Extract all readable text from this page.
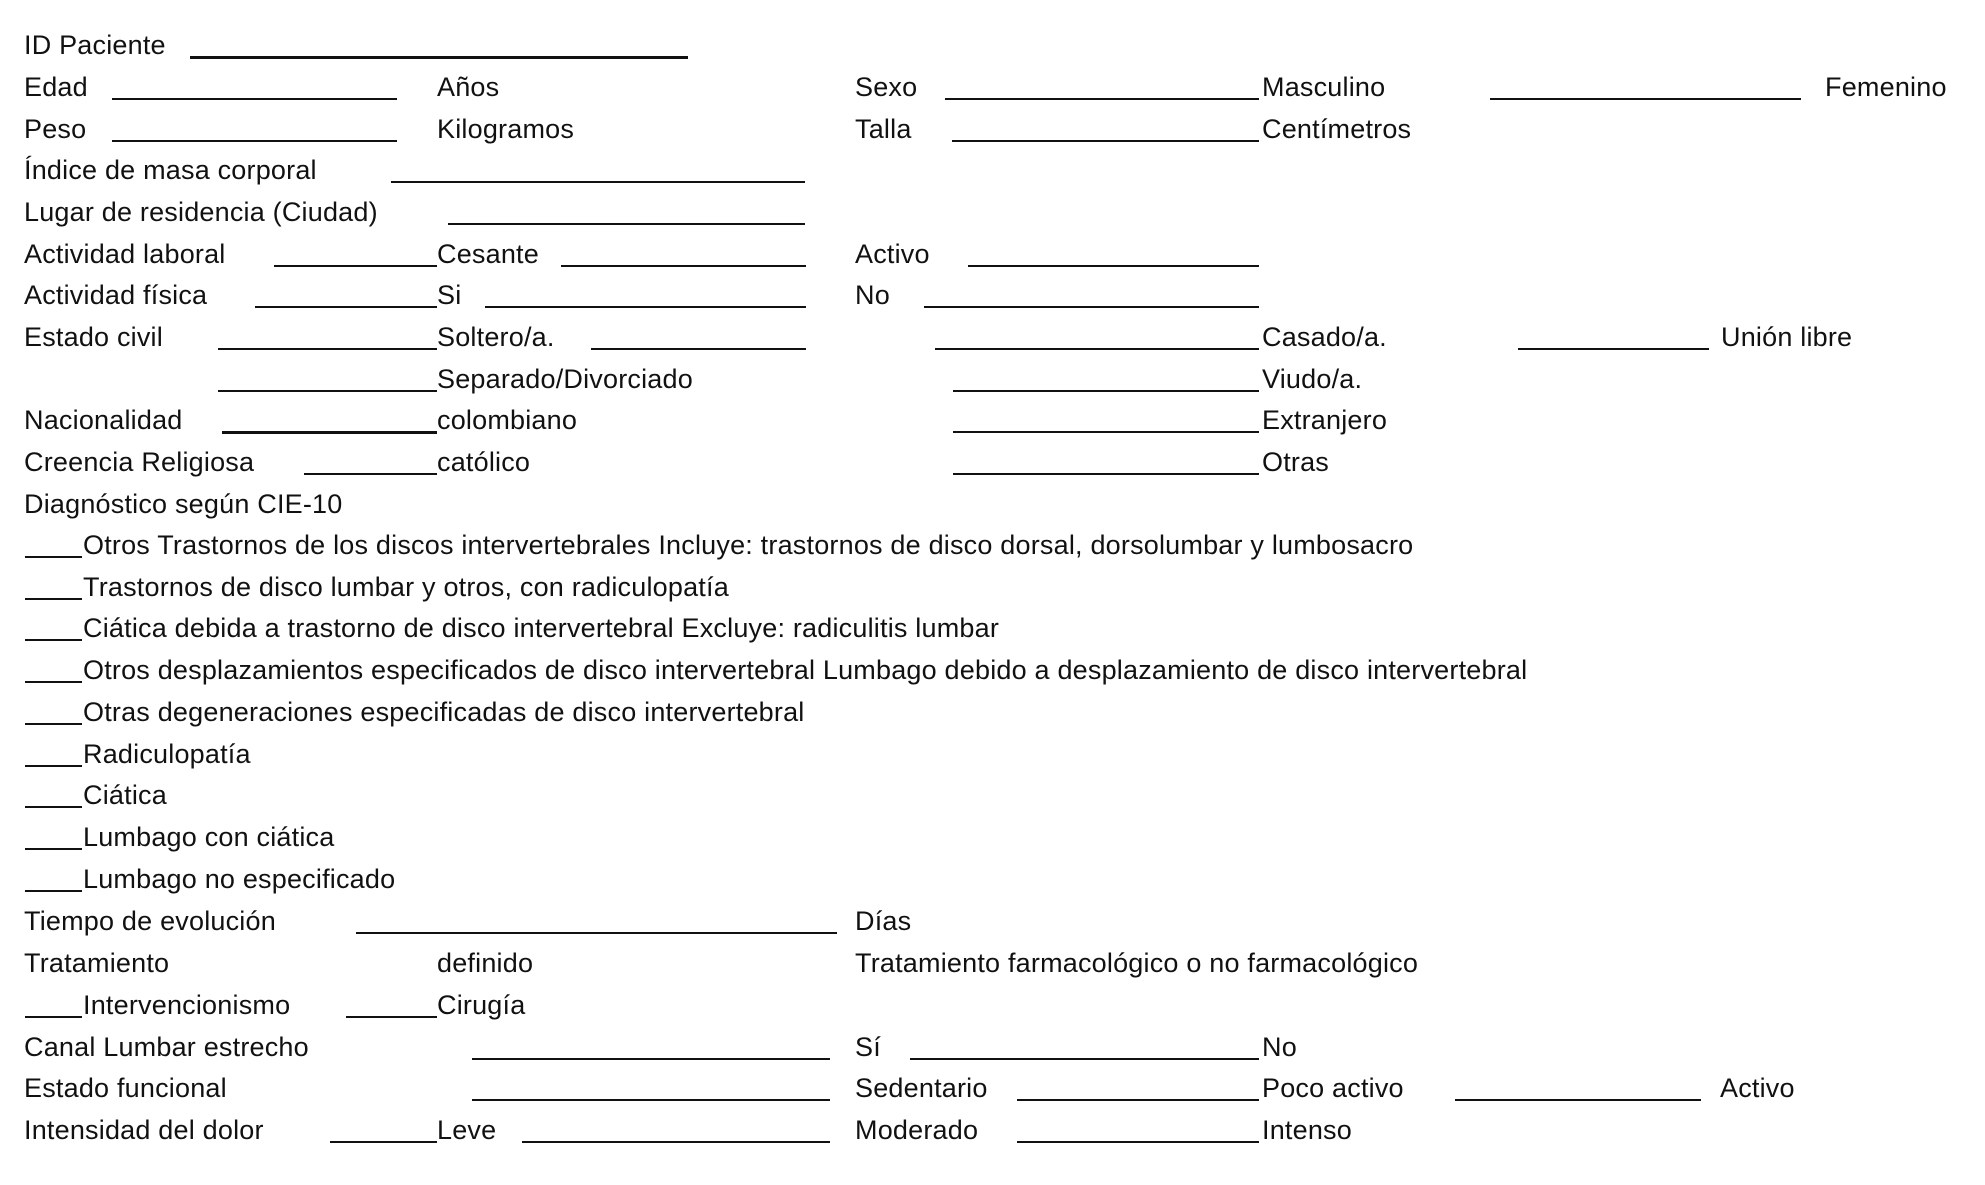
ID Paciente
Edad	Años	Sexo	Masculino	Femenino
Peso	Kilogramos	Talla	Centímetros
Índice de masa corporal
Lugar de residencia (Ciudad)
Actividad laboral	Cesante	Activo
Actividad física	Si	No
Estado civil	Soltero/a.	Casado/a.	Unión libre
Separado/Divorciado	Viudo/a.
Nacionalidad	colombiano	Extranjero
Creencia Religiosa	católico	Otras
Diagnóstico según CIE-10
Otros Trastornos de los discos intervertebrales Incluye: trastornos de disco dorsal, dorsolumbar y lumbosacro
Trastornos de disco lumbar y otros, con radiculopatía
Ciática debida a trastorno de disco intervertebral Excluye: radiculitis lumbar
Otros desplazamientos especificados de disco intervertebral Lumbago debido a desplazamiento de disco intervertebral
Otras degeneraciones especificadas de disco intervertebral
Radiculopatía
Ciática
Lumbago con ciática
Lumbago no especificado
Tiempo de evolución	Días
Tratamiento	definido	Tratamiento farmacológico o no farmacológico
Intervencionismo	Cirugía
Canal Lumbar estrecho	Sí	No
Estado funcional	Sedentario	Poco activo	Activo
Intensidad del dolor	Leve	Moderado	Intenso
